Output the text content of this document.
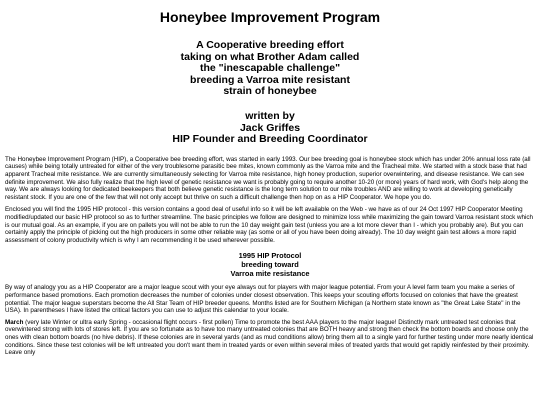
Honeybee Improvement Program
A Cooperative breeding effort
taking on what Brother Adam called
the "inescapable challenge"
breeding a Varroa mite resistant
strain of honeybee
written by
Jack Griffes
HIP Founder and Breeding Coordinator

The Honeybee Improvement Program (HIP), a Cooperative bee breeding effort, was started in early 1993. Our bee breeding goal is honeybee stock which has under 20% annual loss rate (all causes) while being totally untreated for either of the very troublesome parasitic bee mites, known commonly as the Varroa mite and the Tracheal mite. We started with a stock base that had apparent Tracheal mite resistance. We are currently simultaneously selecting for Varroa mite resistance, high honey production, superior overwintering, and disease resistance. We can see definite improvement. We also fully realize that the high level of genetic resistance we want is probably going to require another 10-20 (or more) years of hard work, with God's help along the way. We are always looking for dedicated beekeepers that both believe genetic resistance is the long term solution to our mite troubles AND are willing to work at developing genetically resistant stock. If you are one of the few that will not only accept but thrive on such a difficult challenge then hop on as a HIP Cooperator. We hope you do.

Enclosed you will find the 1995 HIP protocol - this version contains a good deal of useful info so it will be left available on the Web - we have as of our 24 Oct 1997 HIP Cooperator Meeting modified/updated our basic HIP protocol so as to further streamline. The basic principles we follow are designed to minimize loss while maximizing the gain toward Varroa resistant stock which is our mutual goal. As an example, if you are on pallets you will not be able to run the 10 day weight gain test (unless you are a lot more clever than I - which you probably are). But you can certainly apply the principle of picking out the high producers in some other reliable way (as some or all of you have been doing already). The 10 day weight gain test allows a more rapid assessment of colony productivity which is why I am recommending it be used wherever possible.

1995 HIP Protocol
breeding toward
Varroa mite resistance

By way of analogy you as a HIP Cooperator are a major league scout with your eye always out for players with major league potential. From your A level farm team you make a series of performance based promotions. Each promotion decreases the number of colonies under closest observation. This keeps your scouting efforts focused on colonies that have the greatest potential. The major league superstars become the All Star Team of HIP breeder queens. Months listed are for Southern Michigan (a Northern state known as "the Great Lake State" in the USA). In parentheses I have listed the critical factors you can use to adjust this calendar to your locale.

March (very late Winter or ultra early Spring - occasional flight occurs - first pollen) Time to promote the best AAA players to the major league! Distinctly mark untreated test colonies that overwintered strong with lots of stores left. If you are so fortunate as to have too many untreated colonies that are BOTH heavy and strong then check the bottom boards and choose only the ones with clean bottom boards (no hive debris). If these colonies are in several yards (and as mud conditions allow) bring them all to a single yard for further testing under more nearly identical conditions. Since these test colonies will be left untreated you don't want them in treated yards or even within several miles of treated yards that would get rapidly reinfested by their proximity. Leave only
